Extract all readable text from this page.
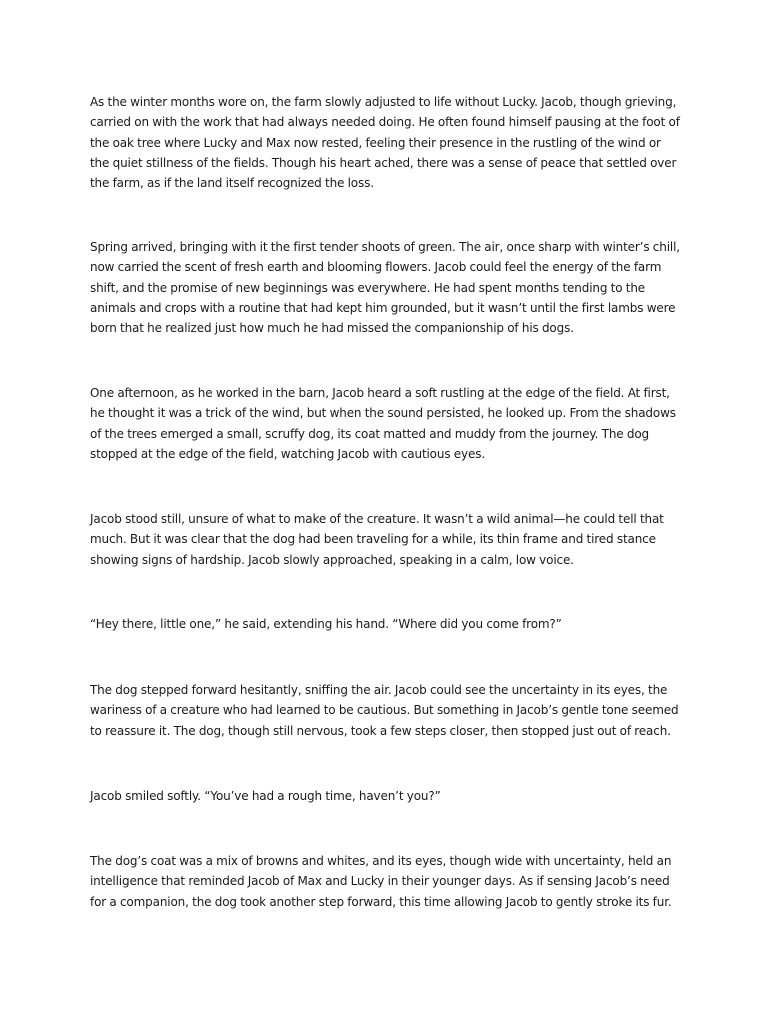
As the winter months wore on, the farm slowly adjusted to life without Lucky. Jacob, though grieving, carried on with the work that had always needed doing. He often found himself pausing at the foot of the oak tree where Lucky and Max now rested, feeling their presence in the rustling of the wind or the quiet stillness of the fields. Though his heart ached, there was a sense of peace that settled over the farm, as if the land itself recognized the loss.

Spring arrived, bringing with it the first tender shoots of green. The air, once sharp with winter’s chill, now carried the scent of fresh earth and blooming flowers. Jacob could feel the energy of the farm shift, and the promise of new beginnings was everywhere. He had spent months tending to the animals and crops with a routine that had kept him grounded, but it wasn’t until the first lambs were born that he realized just how much he had missed the companionship of his dogs.

One afternoon, as he worked in the barn, Jacob heard a soft rustling at the edge of the field. At first, he thought it was a trick of the wind, but when the sound persisted, he looked up. From the shadows of the trees emerged a small, scruffy dog, its coat matted and muddy from the journey. The dog stopped at the edge of the field, watching Jacob with cautious eyes.

Jacob stood still, unsure of what to make of the creature. It wasn’t a wild animal—he could tell that much. But it was clear that the dog had been traveling for a while, its thin frame and tired stance showing signs of hardship. Jacob slowly approached, speaking in a calm, low voice.

“Hey there, little one,” he said, extending his hand. “Where did you come from?”

The dog stepped forward hesitantly, sniffing the air. Jacob could see the uncertainty in its eyes, the wariness of a creature who had learned to be cautious. But something in Jacob’s gentle tone seemed to reassure it. The dog, though still nervous, took a few steps closer, then stopped just out of reach.

Jacob smiled softly. “You’ve had a rough time, haven’t you?”

The dog’s coat was a mix of browns and whites, and its eyes, though wide with uncertainty, held an intelligence that reminded Jacob of Max and Lucky in their younger days. As if sensing Jacob’s need for a companion, the dog took another step forward, this time allowing Jacob to gently stroke its fur.
